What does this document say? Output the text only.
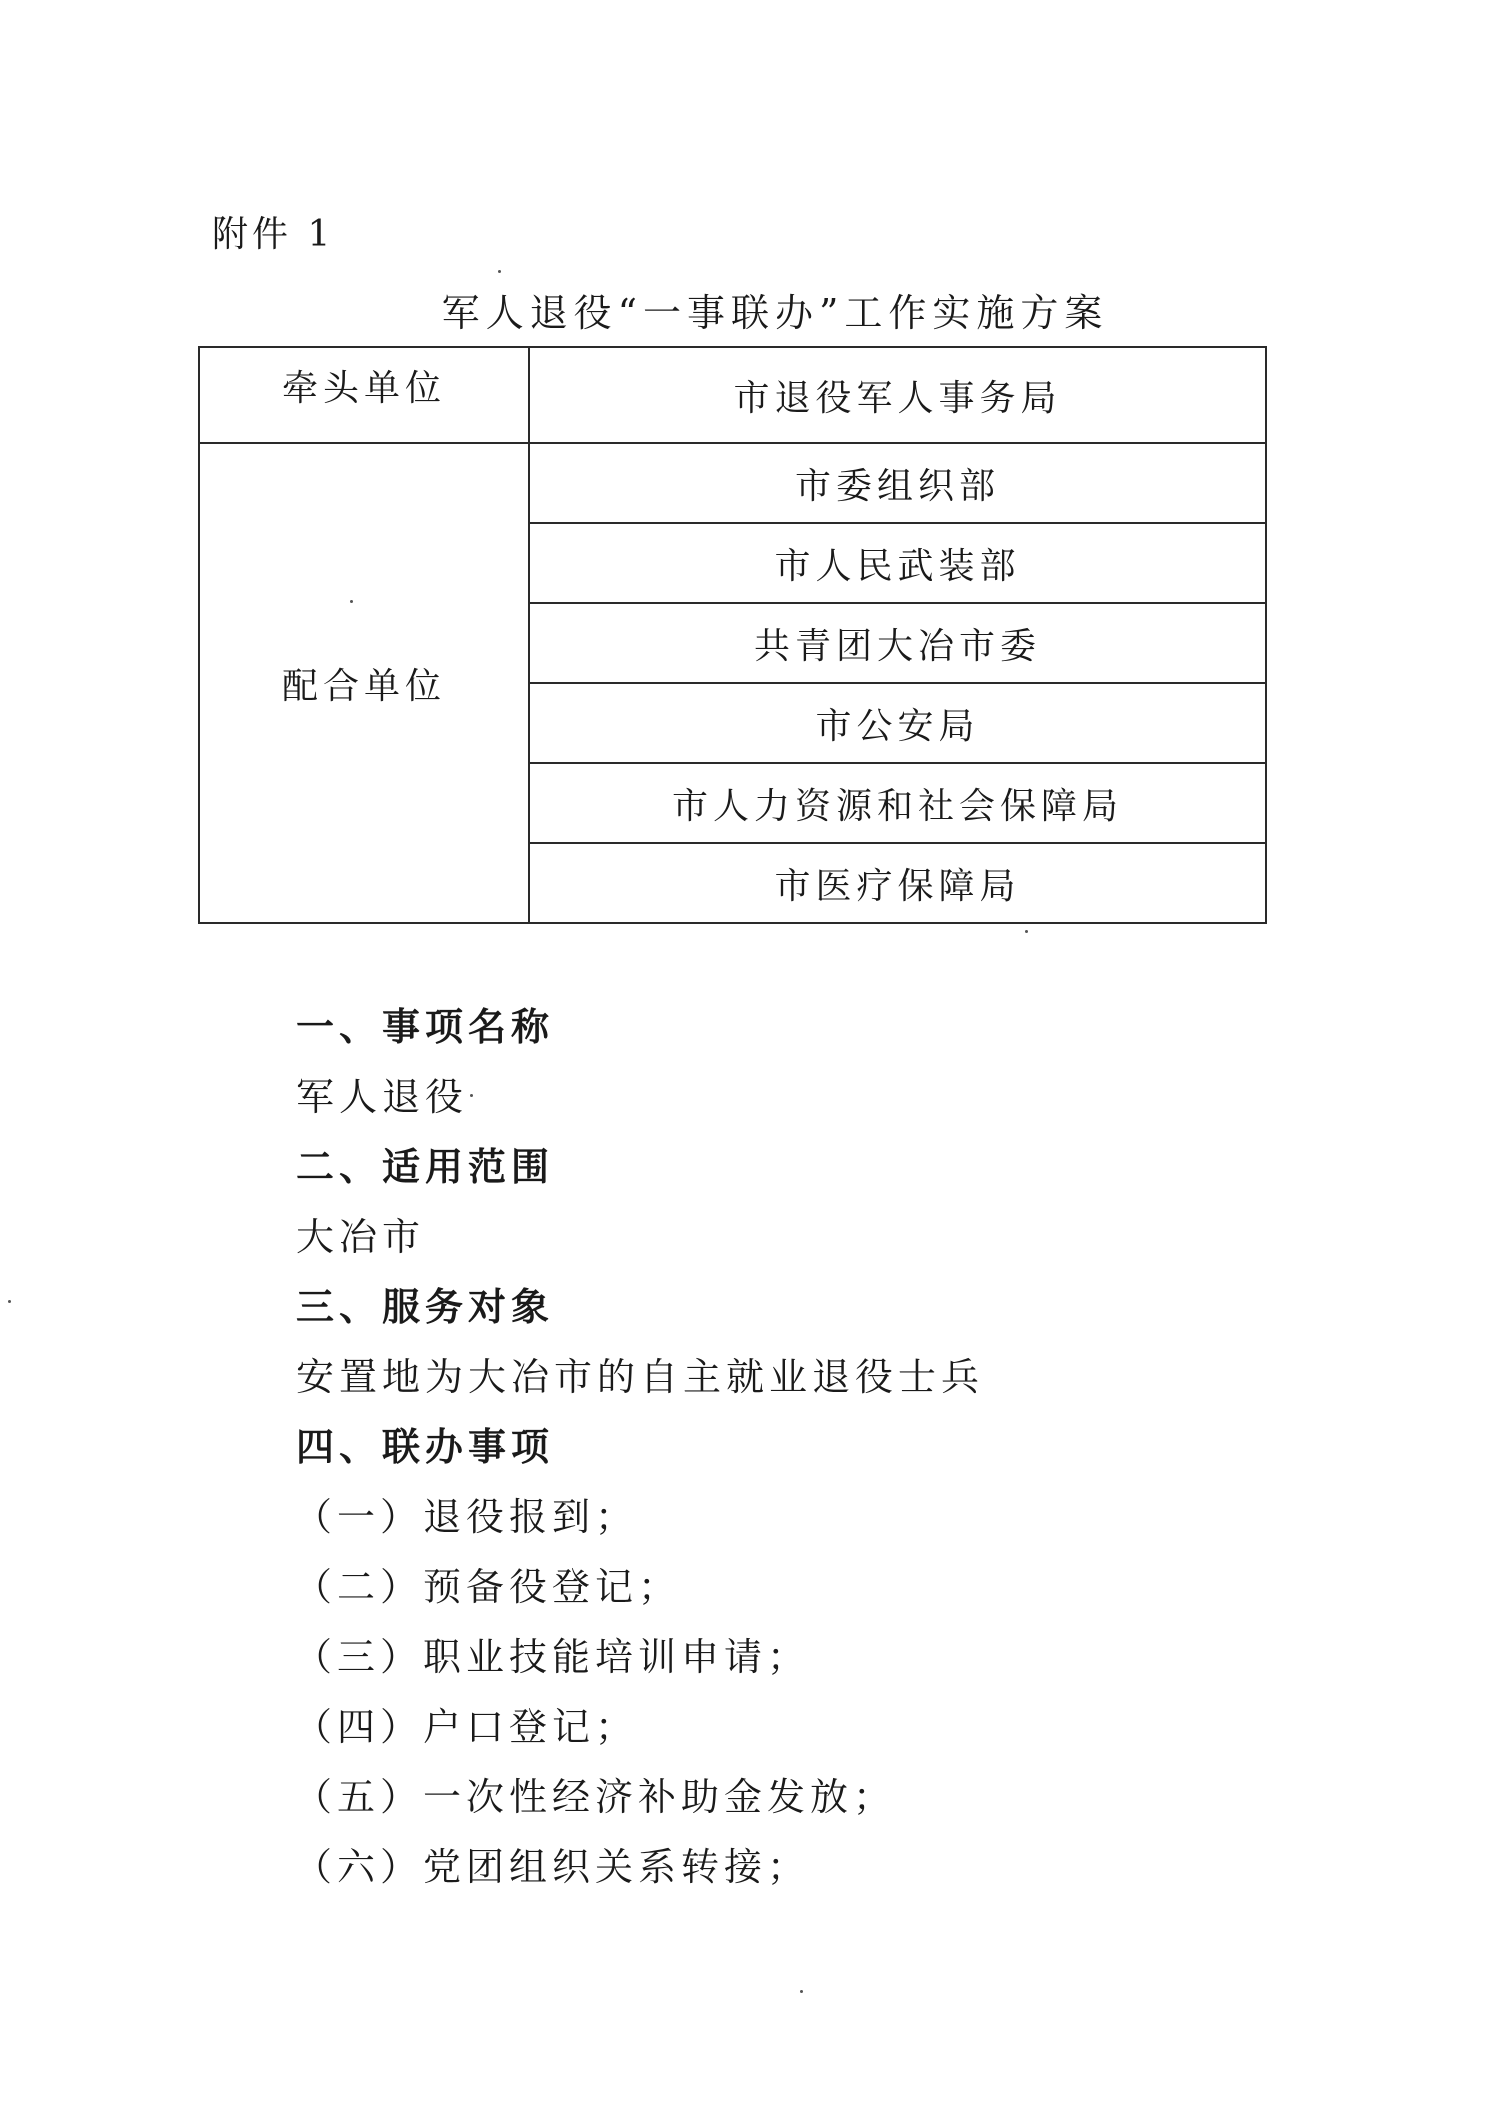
附件 1
军人退役“一事联办”工作实施方案
牵头单位	市退役军人事务局
配合单位	市委组织部
	市人民武装部
	共青团大冶市委
	市公安局
	市人力资源和社会保障局
	市医疗保障局
一、事项名称
军人退役
二、适用范围
大冶市
三、服务对象
安置地为大冶市的自主就业退役士兵
四、联办事项
（一）退役报到；
（二）预备役登记；
（三）职业技能培训申请；
（四）户口登记；
（五）一次性经济补助金发放；
（六）党团组织关系转接；
